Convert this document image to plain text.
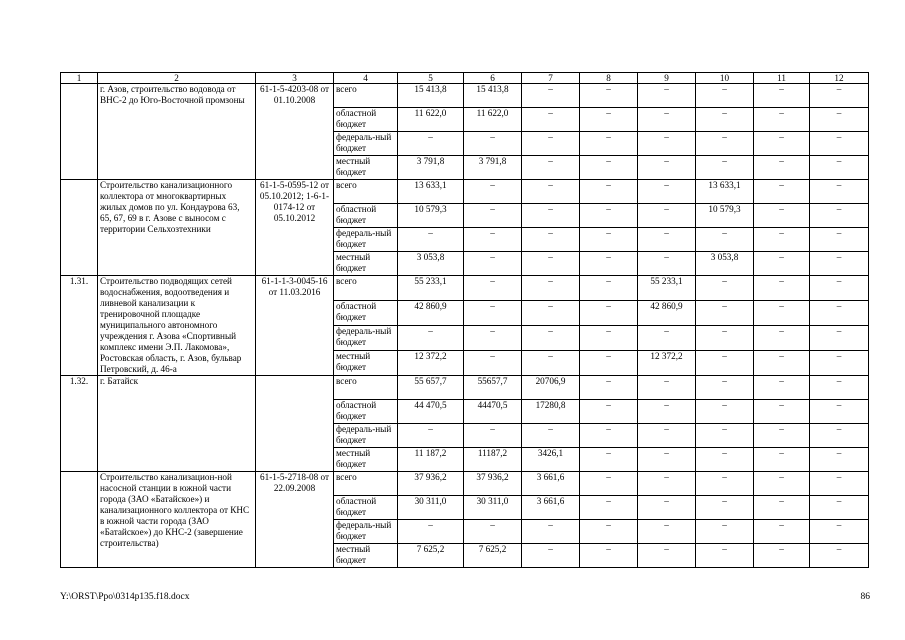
1	2	3	4	5	6	7	8	9	10	11	12
	г. Азов, строительство водовода от ВНС-2 до Юго-Восточной промзоны	61-1-5-4203-08 от 01.10.2008	всего	15 413,8	15 413,8	–	–	–	–	–	–
			областной бюджет	11 622,0	11 622,0	–	–	–	–	–	–
			федераль-ный бюджет	–	–	–	–	–	–	–	–
			местный бюджет	3 791,8	3 791,8	–	–	–	–	–	–
	Строительство канализационного коллектора от многоквартирных жилых домов по ул. Кондаурова 63, 65, 67, 69 в г. Азове с выносом с территории Сельхозтехники	61-1-5-0595-12 от 05.10.2012; 1-6-1-0174-12 от 05.10.2012	всего	13 633,1	–	–	–	–	13 633,1	–	–
			областной бюджет	10 579,3	–	–	–	–	10 579,3	–	–
			федераль-ный бюджет	–	–	–	–	–	–	–	–
			местный бюджет	3 053,8	–	–	–	–	3 053,8	–	–
1.31.	Строительство подводящих сетей водоснабжения, водоотведения и ливневой канализации к тренировочной площадке муниципального автономного учреждения г. Азова «Спортивный комплекс имени Э.П. Лакомова», Ростовская область, г. Азов, бульвар Петровский, д. 46-а	61-1-1-3-0045-16 от 11.03.2016	всего	55 233,1	–	–	–	55 233,1	–	–	–
			областной бюджет	42 860,9	–	–	–	42 860,9	–	–	–
			федераль-ный бюджет	–	–	–	–	–	–	–	–
			местный бюджет	12 372,2	–	–	–	12 372,2	–	–	–
1.32.	г. Батайск		всего	55 657,7	55657,7	20706,9	–	–	–	–	–
			областной бюджет	44 470,5	44470,5	17280,8	–	–	–	–	–
			федераль-ный бюджет	–	–	–	–	–	–	–	–
			местный бюджет	11 187,2	11187,2	3426,1	–	–	–	–	–
	Строительство канализацион-ной насосной станции в южной части города (ЗАО «Батайское») и канализационного коллектора от КНС в южной части города (ЗАО «Батайское») до КНС-2 (завершение строительства)	61-1-5-2718-08 от 22.09.2008	всего	37 936,2	37 936,2	3 661,6	–	–	–	–	–
			областной бюджет	30 311,0	30 311,0	3 661,6	–	–	–	–	–
			федераль-ный бюджет	–	–	–	–	–	–	–	–
			местный бюджет	7 625,2	7 625,2	–	–	–	–	–	–
Y:\ORST\Ppo\0314p135.f18.docx	86
